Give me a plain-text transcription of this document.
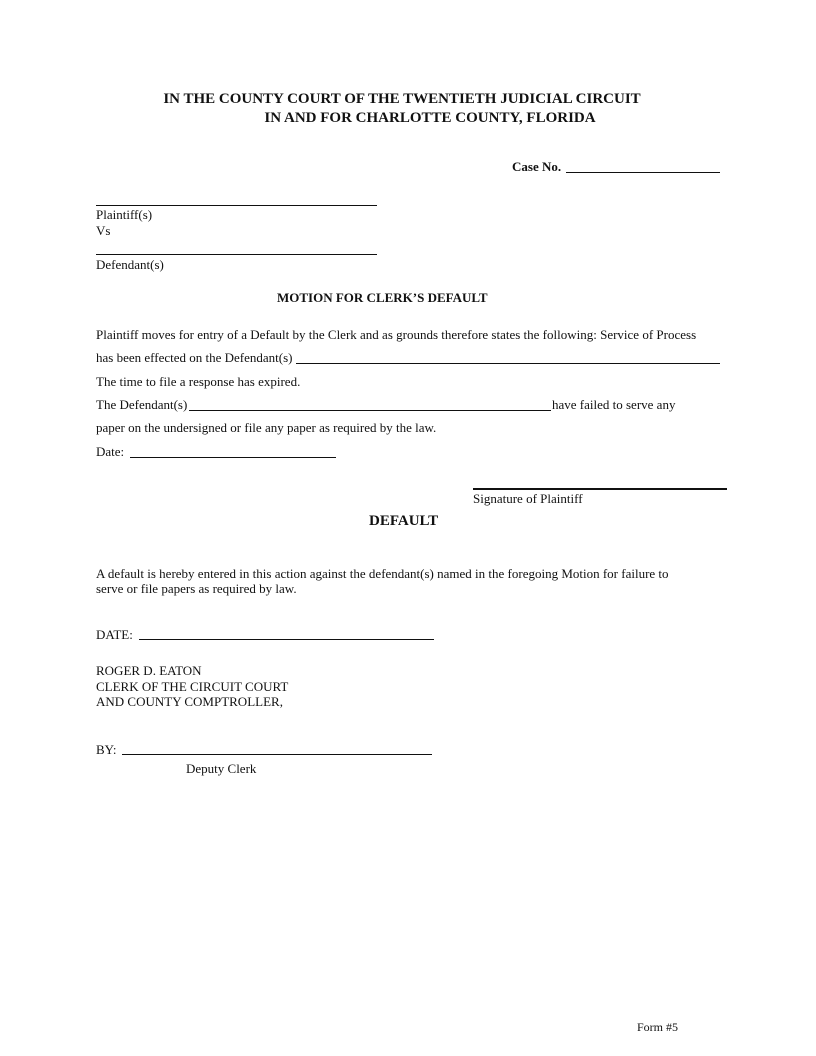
IN THE COUNTY COURT OF THE TWENTIETH JUDICIAL CIRCUIT
IN AND FOR CHARLOTTE COUNTY, FLORIDA
Case No.
Plaintiff(s)
Vs
Defendant(s)
MOTION FOR CLERK’S DEFAULT
Plaintiff moves for entry of a Default by the Clerk and as grounds therefore states the following: Service of Process
has been effected on the Defendant(s)
The time to file a response has expired.
The Defendant(s)	have failed to serve any
paper on the undersigned or file any paper as required by the law.
Date:
Signature of Plaintiff
DEFAULT
A default is hereby entered in this action against the defendant(s) named in the foregoing Motion for failure to
serve or file papers as required by law.
DATE:
ROGER D. EATON
CLERK OF THE CIRCUIT COURT
AND COUNTY COMPTROLLER,
BY:
Deputy Clerk
Form #5
